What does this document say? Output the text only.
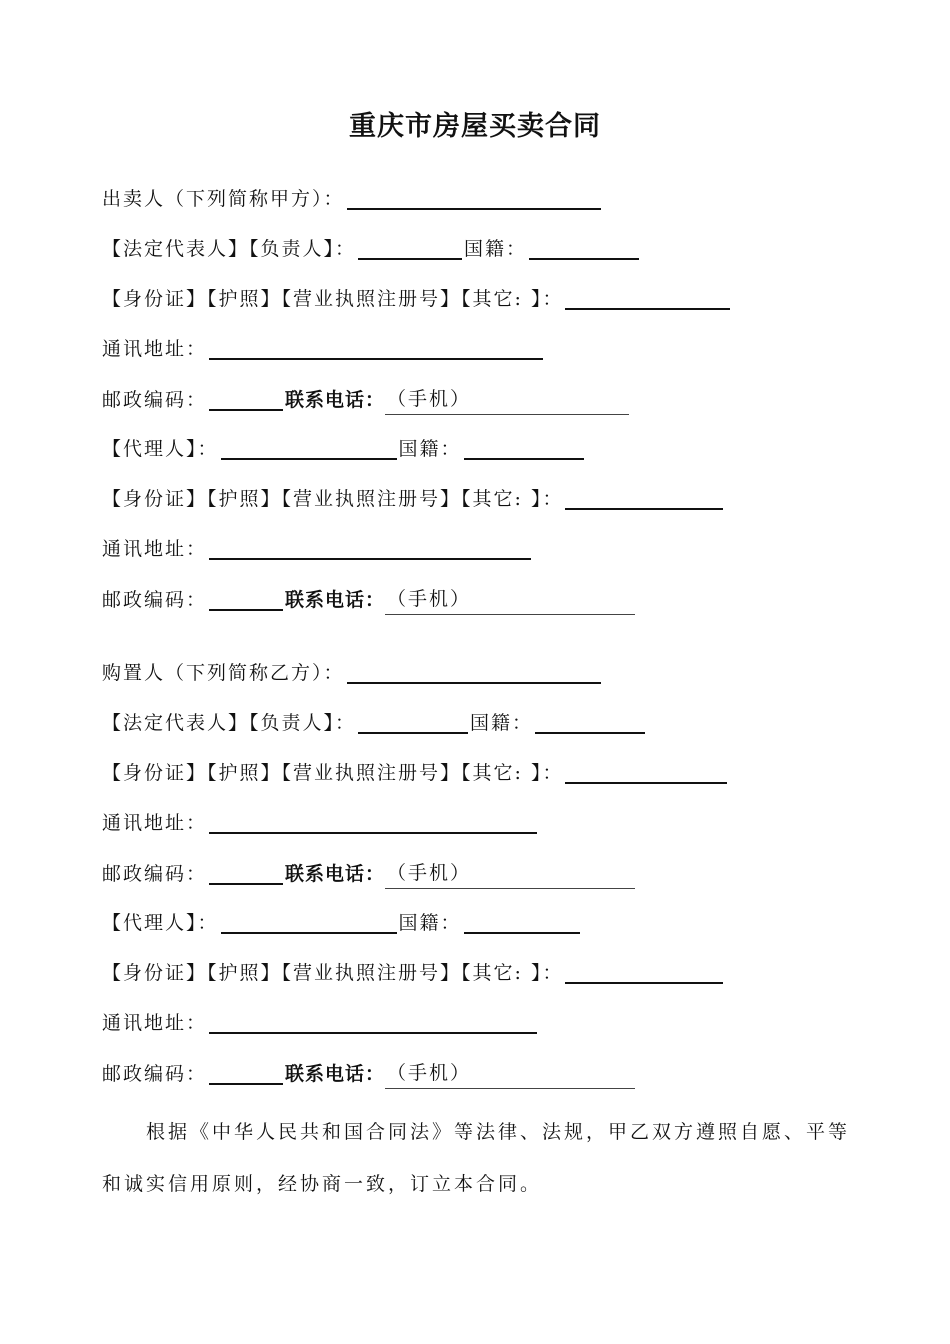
重庆市房屋买卖合同
出卖人（下列简称甲方）：
【法定代表人】【负责人】：	国籍：
【身份证】【护照】【营业执照注册号】【其它: 】：
通讯地址：
邮政编码：	联系电话： （手机）
【代理人】：	国籍：
【身份证】【护照】【营业执照注册号】【其它: 】：
通讯地址：
邮政编码：	联系电话： （手机）
购置人（下列简称乙方）：
【法定代表人】【负责人】：	国籍：
【身份证】【护照】【营业执照注册号】【其它: 】：
通讯地址：
邮政编码：	联系电话： （手机）
【代理人】：	国籍：
【身份证】【护照】【营业执照注册号】【其它: 】：
通讯地址：
邮政编码：	联系电话： （手机）

根据《中华人民共和国合同法》等法律、法规，甲乙双方遵照自愿、平等和诚实信用原则，经协商一致，订立本合同。
